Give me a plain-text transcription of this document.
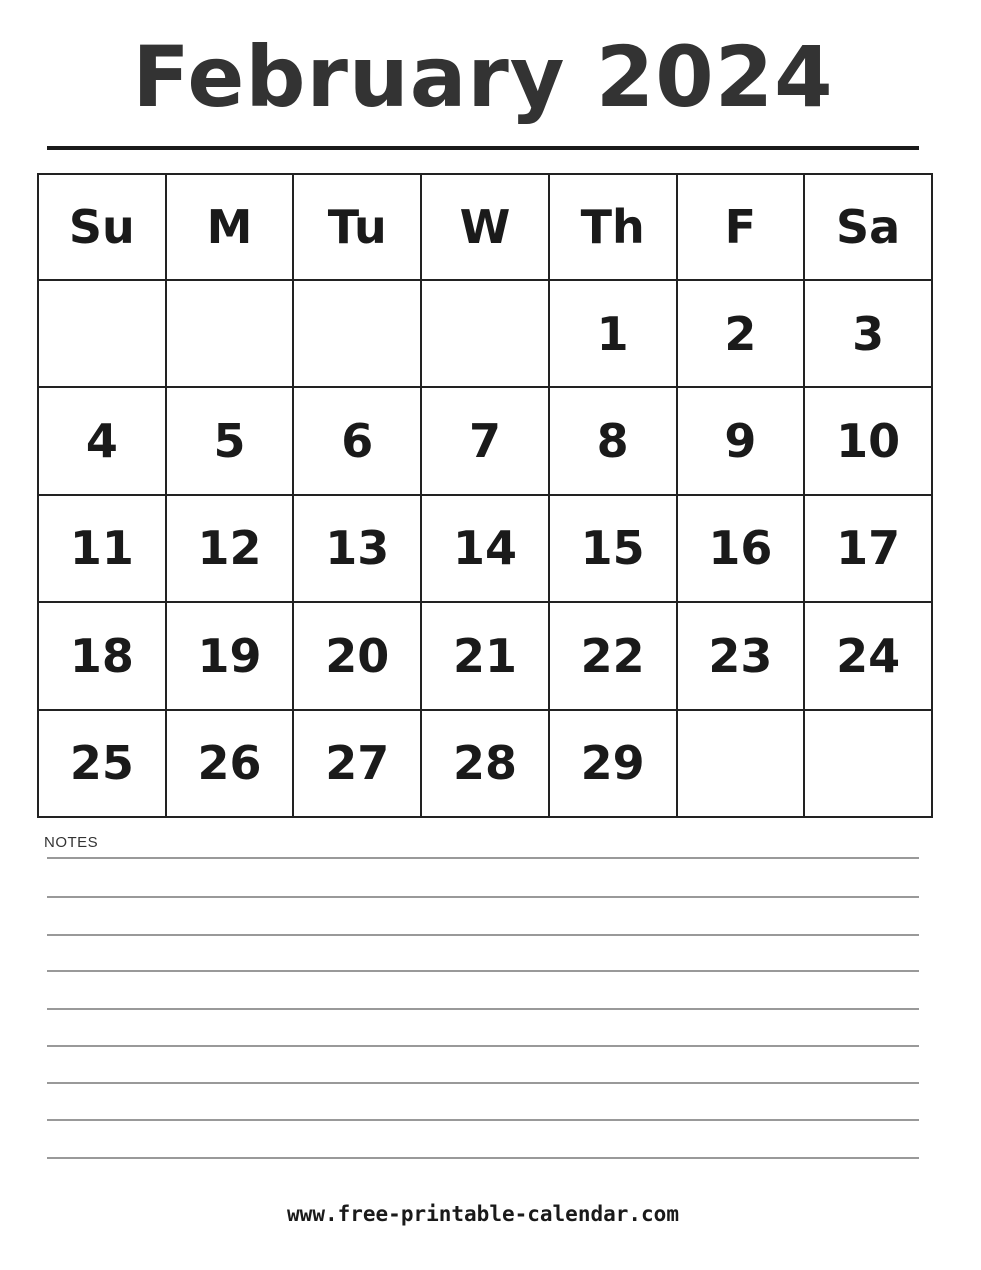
February 2024
Su	M	Tu	W	Th	F	Sa
				1	2	3
4	5	6	7	8	9	10
11	12	13	14	15	16	17
18	19	20	21	22	23	24
25	26	27	28	29		
NOTES
www.free-printable-calendar.com
